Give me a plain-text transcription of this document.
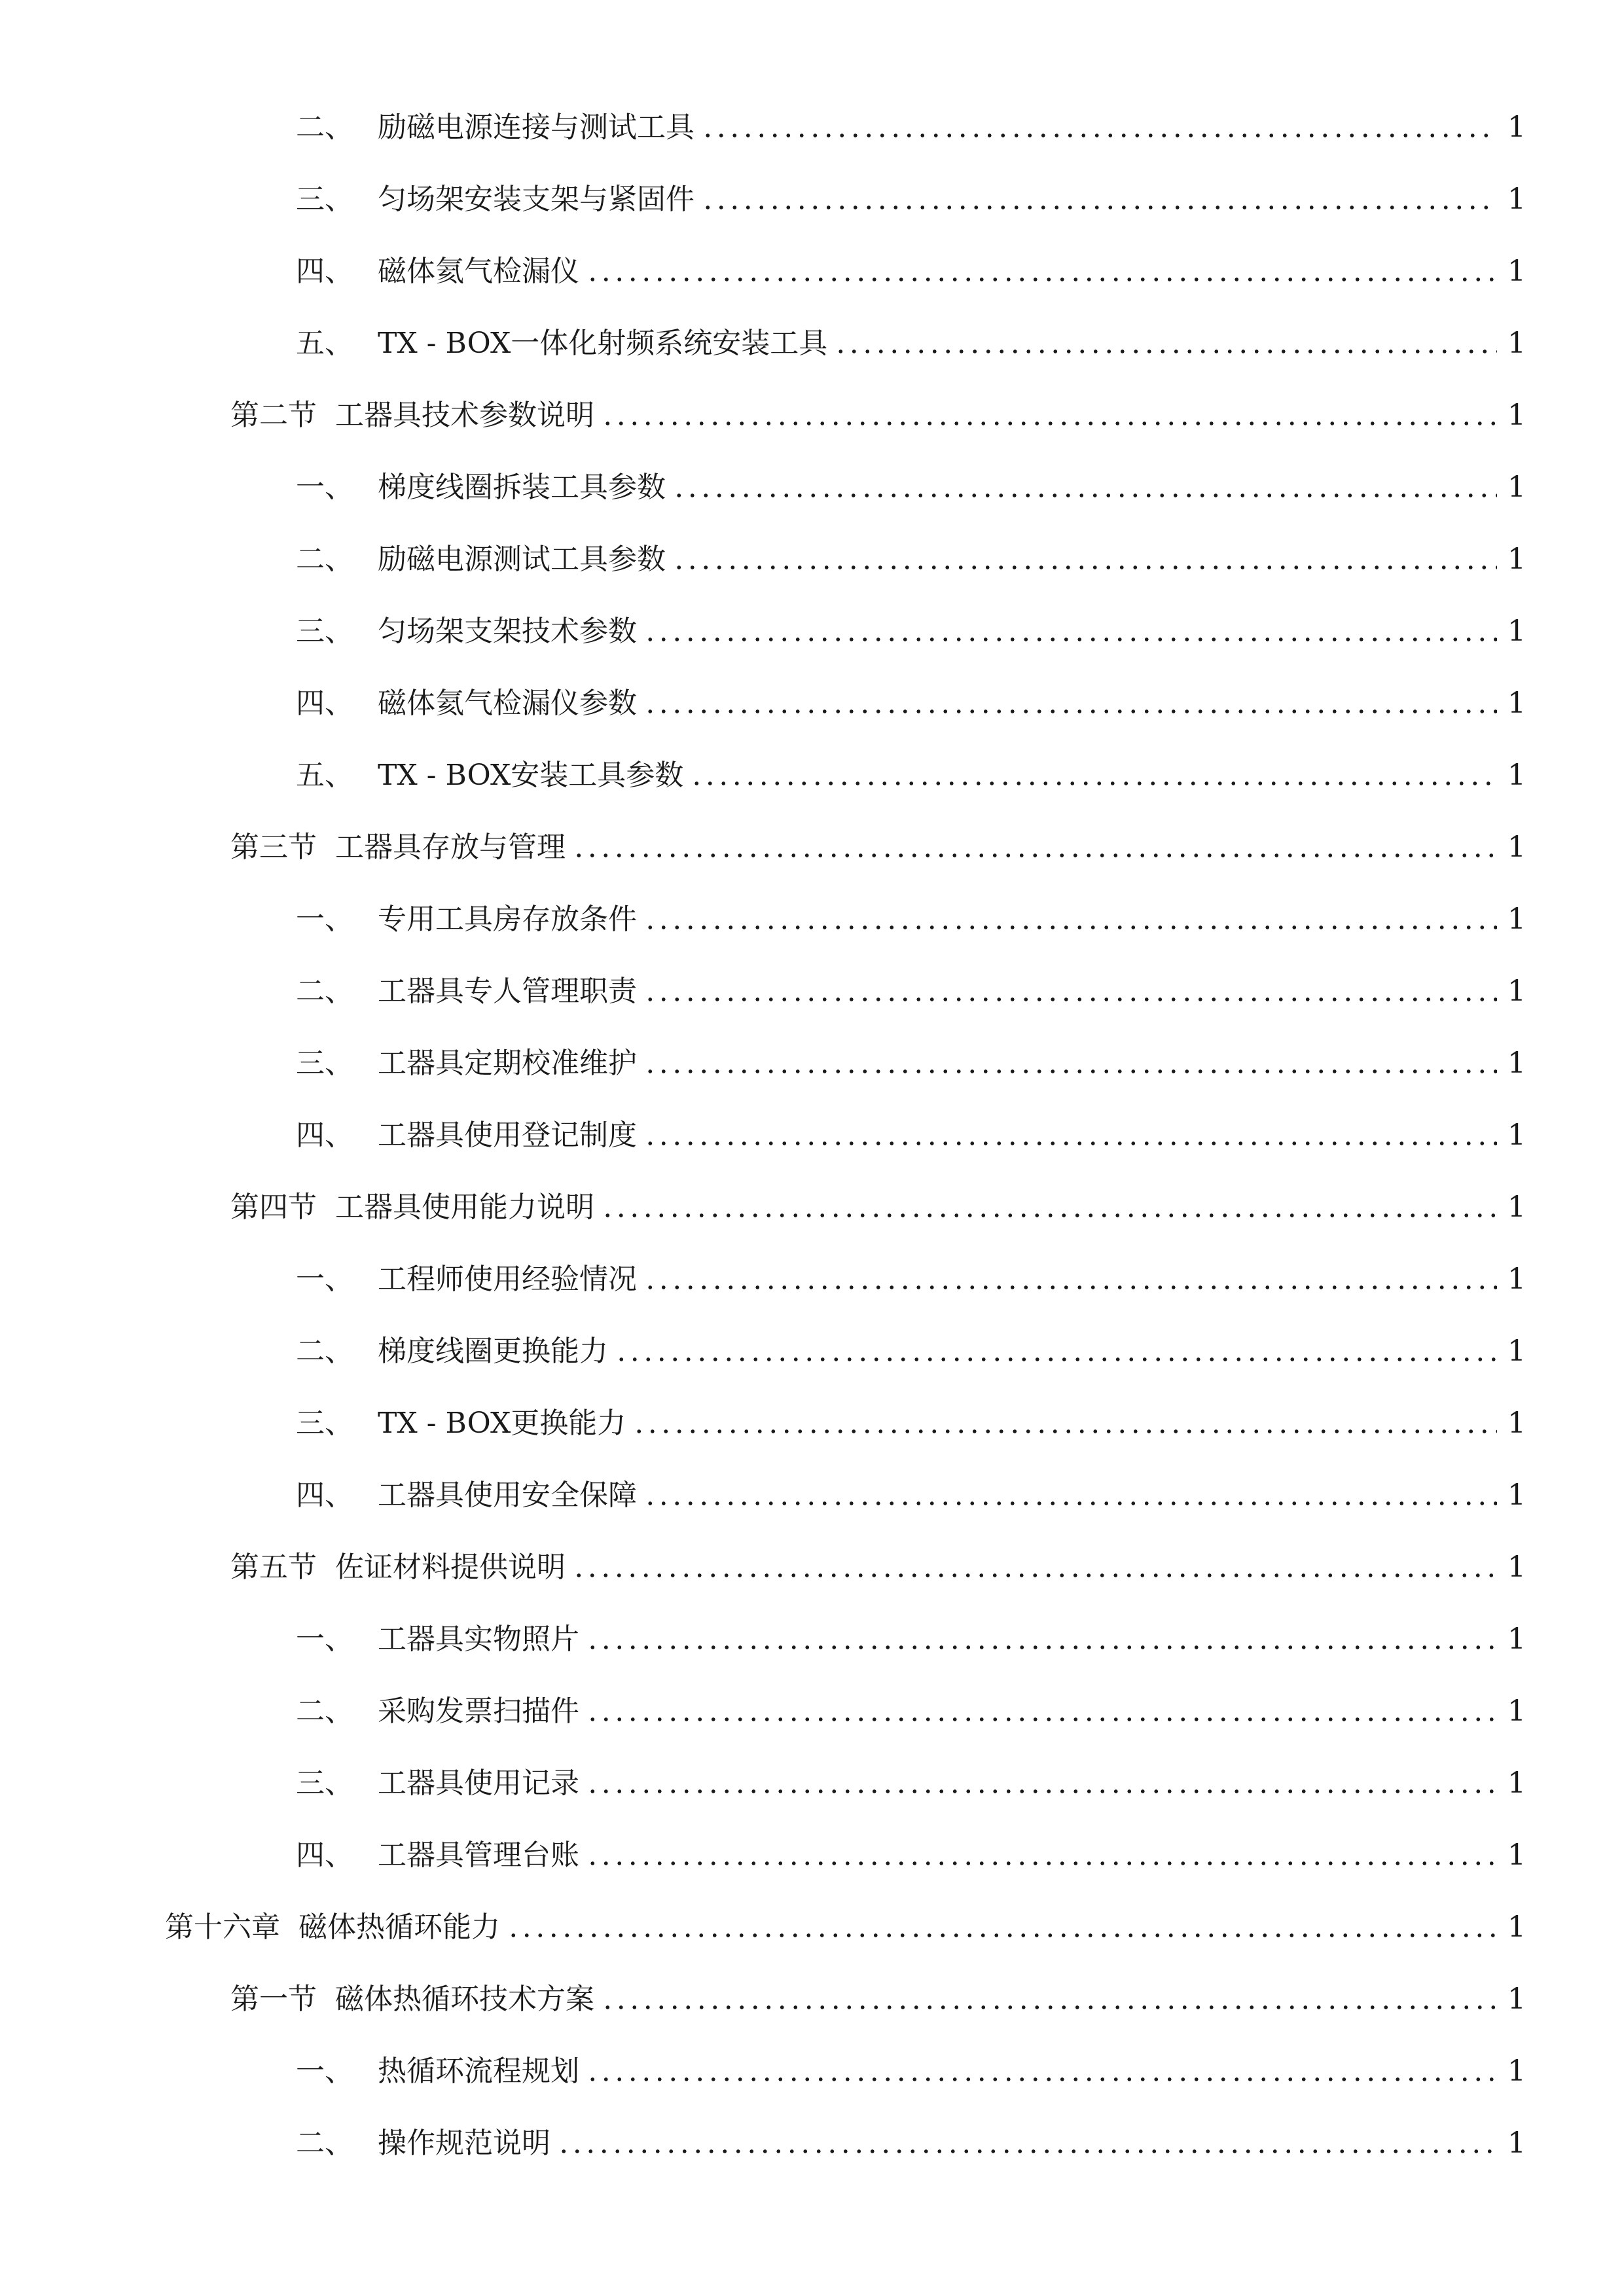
二、 励磁电源连接与测试工具	1
三、 匀场架安装支架与紧固件	1
四、 磁体氦气检漏仪	1
五、 TX - BOX一体化射频系统安装工具	1
第二节 工器具技术参数说明	1
一、 梯度线圈拆装工具参数	1
二、 励磁电源测试工具参数	1
三、 匀场架支架技术参数	1
四、 磁体氦气检漏仪参数	1
五、 TX - BOX安装工具参数	1
第三节 工器具存放与管理	1
一、 专用工具房存放条件	1
二、 工器具专人管理职责	1
三、 工器具定期校准维护	1
四、 工器具使用登记制度	1
第四节 工器具使用能力说明	1
一、 工程师使用经验情况	1
二、 梯度线圈更换能力	1
三、 TX - BOX更换能力	1
四、 工器具使用安全保障	1
第五节 佐证材料提供说明	1
一、 工器具实物照片	1
二、 采购发票扫描件	1
三、 工器具使用记录	1
四、 工器具管理台账	1
第十六章 磁体热循环能力	1
第一节 磁体热循环技术方案	1
一、 热循环流程规划	1
二、 操作规范说明	1
